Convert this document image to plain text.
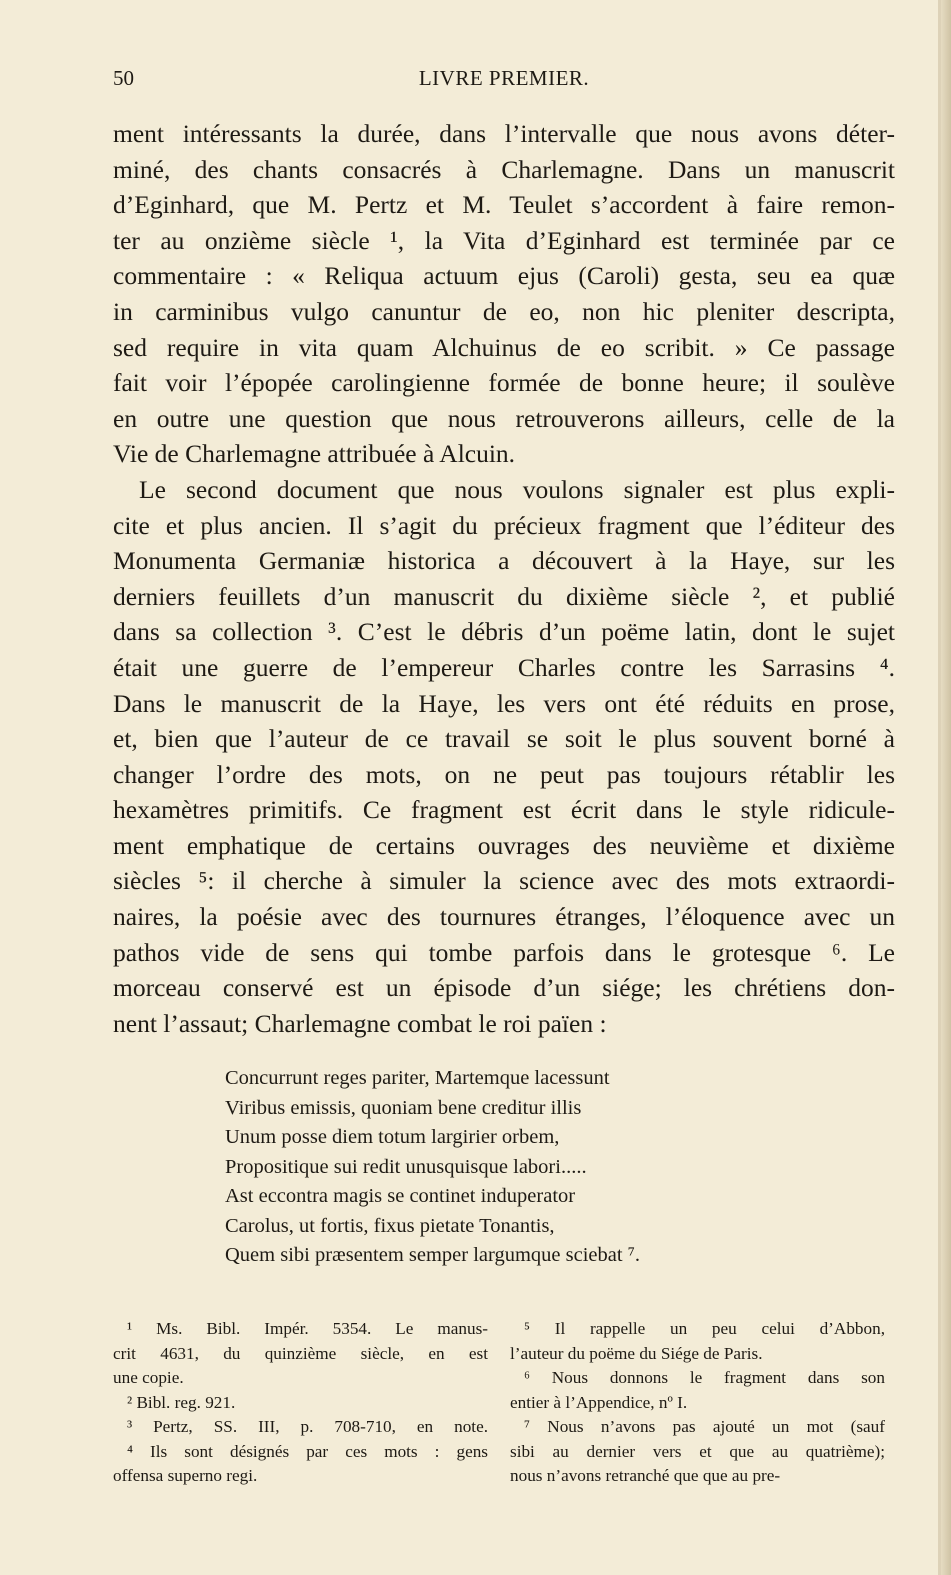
50	LIVRE PREMIER.
ment intéressants la durée, dans l’intervalle que nous avons déter-
miné, des chants consacrés à Charlemagne. Dans un manuscrit
d’Eginhard, que M. Pertz et M. Teulet s’accordent à faire remon-
ter au onzième siècle ¹, la Vita d’Eginhard est terminée par ce
commentaire : « Reliqua actuum ejus (Caroli) gesta, seu ea quæ
in carminibus vulgo canuntur de eo, non hic pleniter descripta,
sed require in vita quam Alchuinus de eo scribit. » Ce passage
fait voir l’épopée carolingienne formée de bonne heure; il soulève
en outre une question que nous retrouverons ailleurs, celle de la
Vie de Charlemagne attribuée à Alcuin.
Le second document que nous voulons signaler est plus expli-
cite et plus ancien. Il s’agit du précieux fragment que l’éditeur des
Monumenta Germaniæ historica a découvert à la Haye, sur les
derniers feuillets d’un manuscrit du dixième siècle ², et publié
dans sa collection ³. C’est le débris d’un poëme latin, dont le sujet
était une guerre de l’empereur Charles contre les Sarrasins ⁴.
Dans le manuscrit de la Haye, les vers ont été réduits en prose,
et, bien que l’auteur de ce travail se soit le plus souvent borné à
changer l’ordre des mots, on ne peut pas toujours rétablir les
hexamètres primitifs. Ce fragment est écrit dans le style ridicule-
ment emphatique de certains ouvrages des neuvième et dixième
siècles ⁵: il cherche à simuler la science avec des mots extraordi-
naires, la poésie avec des tournures étranges, l’éloquence avec un
pathos vide de sens qui tombe parfois dans le grotesque ⁶. Le
morceau conservé est un épisode d’un siége; les chrétiens don-
nent l’assaut; Charlemagne combat le roi païen :
Concurrunt reges pariter, Martemque lacessunt
Viribus emissis, quoniam bene creditur illis
Unum posse diem totum largirier orbem,
Propositique sui redit unusquisque labori.....
Ast eccontra magis se continet induperator
Carolus, ut fortis, fixus pietate Tonantis,
Quem sibi præsentem semper largumque sciebat ⁷.
¹ Ms. Bibl. Impér. 5354. Le manus-
crit 4631, du quinzième siècle, en est
une copie.
² Bibl. reg. 921.
³ Pertz, SS. III, p. 708-710, en note.
⁴ Ils sont désignés par ces mots : gens
offensa superno regi.
⁵ Il rappelle un peu celui d’Abbon,
l’auteur du poëme du Siége de Paris.
⁶ Nous donnons le fragment dans son
entier à l’Appendice, nº I.
⁷ Nous n’avons pas ajouté un mot (sauf
sibi au dernier vers et que au quatrième);
nous n’avons retranché que que au pre-
